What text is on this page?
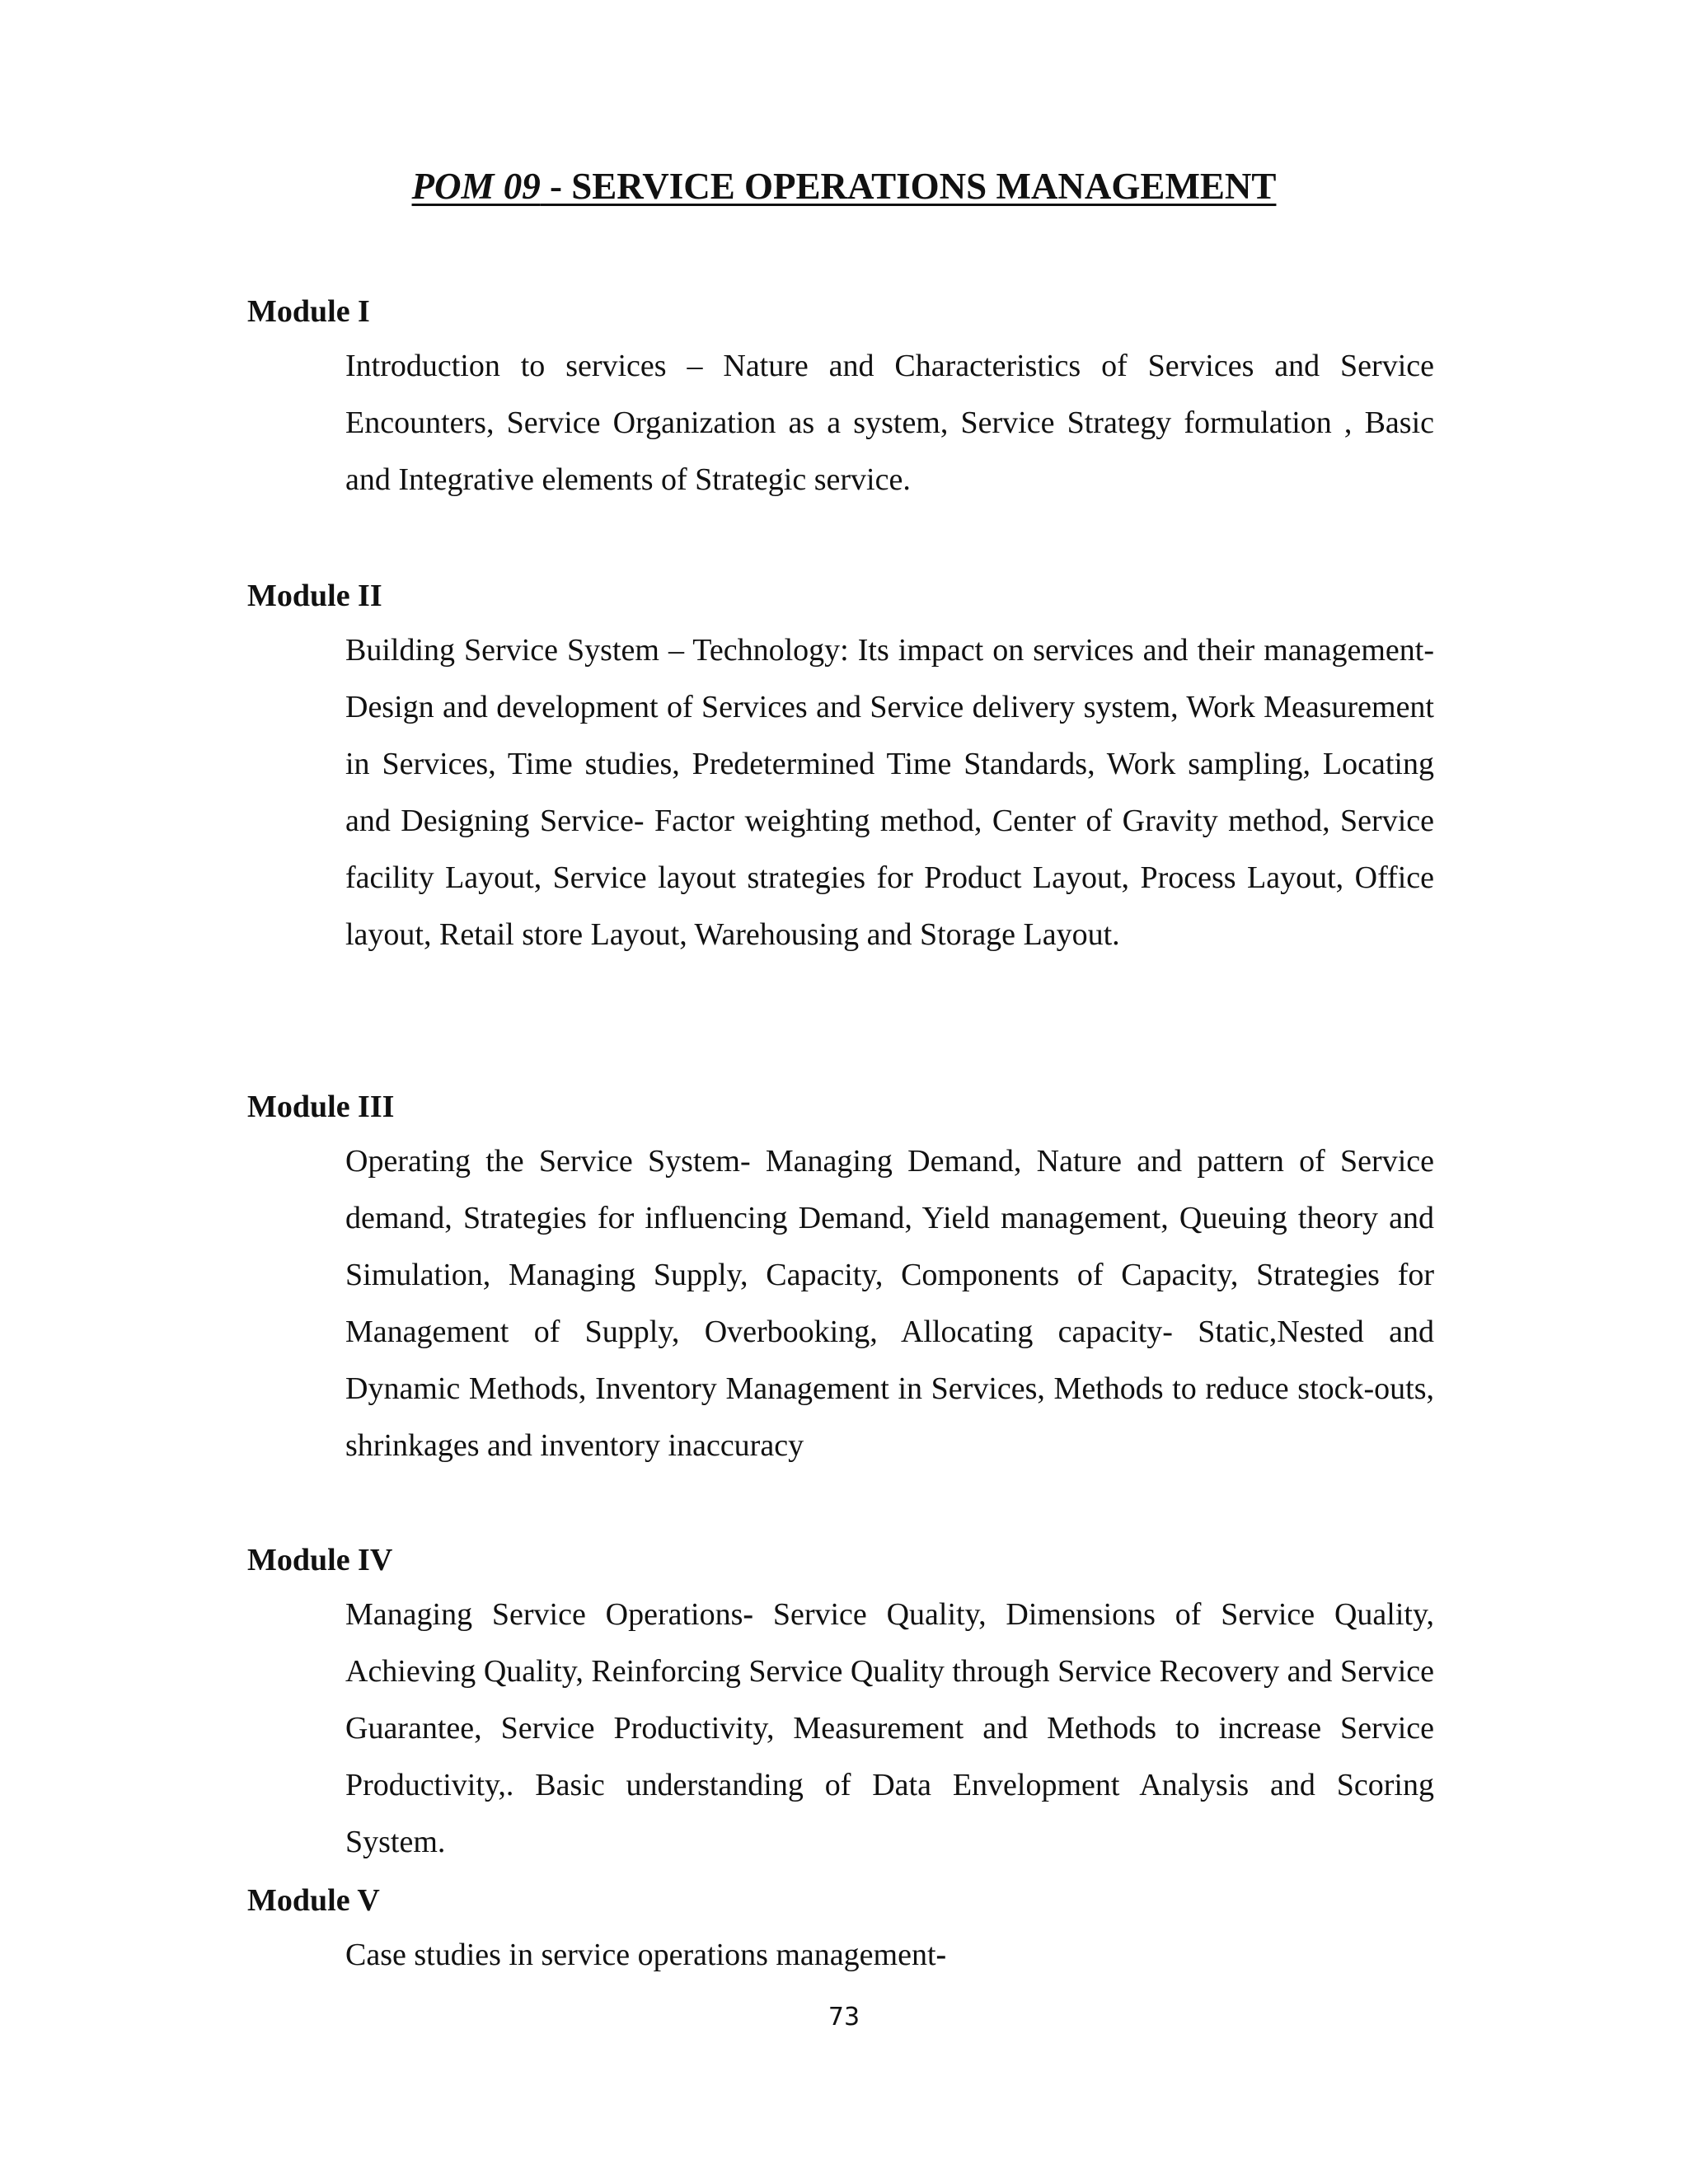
POM 09 - SERVICE OPERATIONS MANAGEMENT
Module I
Introduction to services – Nature and Characteristics of Services and Service Encounters, Service Organization as a system, Service Strategy formulation , Basic and Integrative elements of Strategic service.
Module II
Building Service System – Technology: Its impact on services and their management- Design and development of Services and Service delivery system, Work Measurement in Services, Time studies, Predetermined Time Standards, Work sampling, Locating and Designing Service- Factor weighting method, Center of Gravity method, Service facility Layout, Service layout strategies for Product Layout, Process Layout, Office layout, Retail store Layout, Warehousing and Storage Layout.
Module III
Operating the Service System- Managing Demand, Nature and pattern of Service demand, Strategies for influencing Demand, Yield management, Queuing theory and Simulation, Managing Supply, Capacity, Components of Capacity, Strategies for Management of Supply, Overbooking, Allocating capacity- Static,Nested and Dynamic Methods, Inventory Management in Services, Methods to reduce stock-outs, shrinkages and inventory inaccuracy
Module IV
Managing Service Operations- Service Quality, Dimensions of Service Quality, Achieving Quality, Reinforcing Service Quality through Service Recovery and Service Guarantee, Service Productivity, Measurement and Methods to increase Service Productivity,. Basic understanding of Data Envelopment Analysis and Scoring System.
Module V
Case studies in service operations management-
73
